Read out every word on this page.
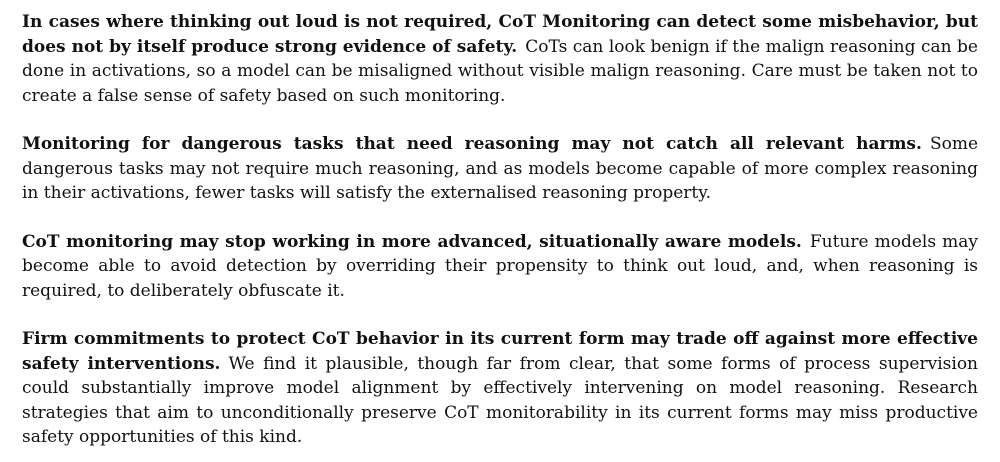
In cases where thinking out loud is not required, CoT Monitoring can detect some misbehavior, but does not by itself produce strong evidence of safety. CoTs can look benign if the malign reasoning can be done in activations, so a model can be misaligned without visible malign reasoning. Care must be taken not to create a false sense of safety based on such monitoring.

Monitoring for dangerous tasks that need reasoning may not catch all relevant harms. Some dangerous tasks may not require much reasoning, and as models become capable of more complex reasoning in their activations, fewer tasks will satisfy the externalised reasoning property.

CoT monitoring may stop working in more advanced, situationally aware models. Future models may become able to avoid detection by overriding their propensity to think out loud, and, when reasoning is required, to deliberately obfuscate it.

Firm commitments to protect CoT behavior in its current form may trade off against more effective safety interventions. We find it plausible, though far from clear, that some forms of process supervision could substantially improve model alignment by effectively intervening on model reasoning. Research strategies that aim to unconditionally preserve CoT monitorability in its current forms may miss productive safety opportunities of this kind.
